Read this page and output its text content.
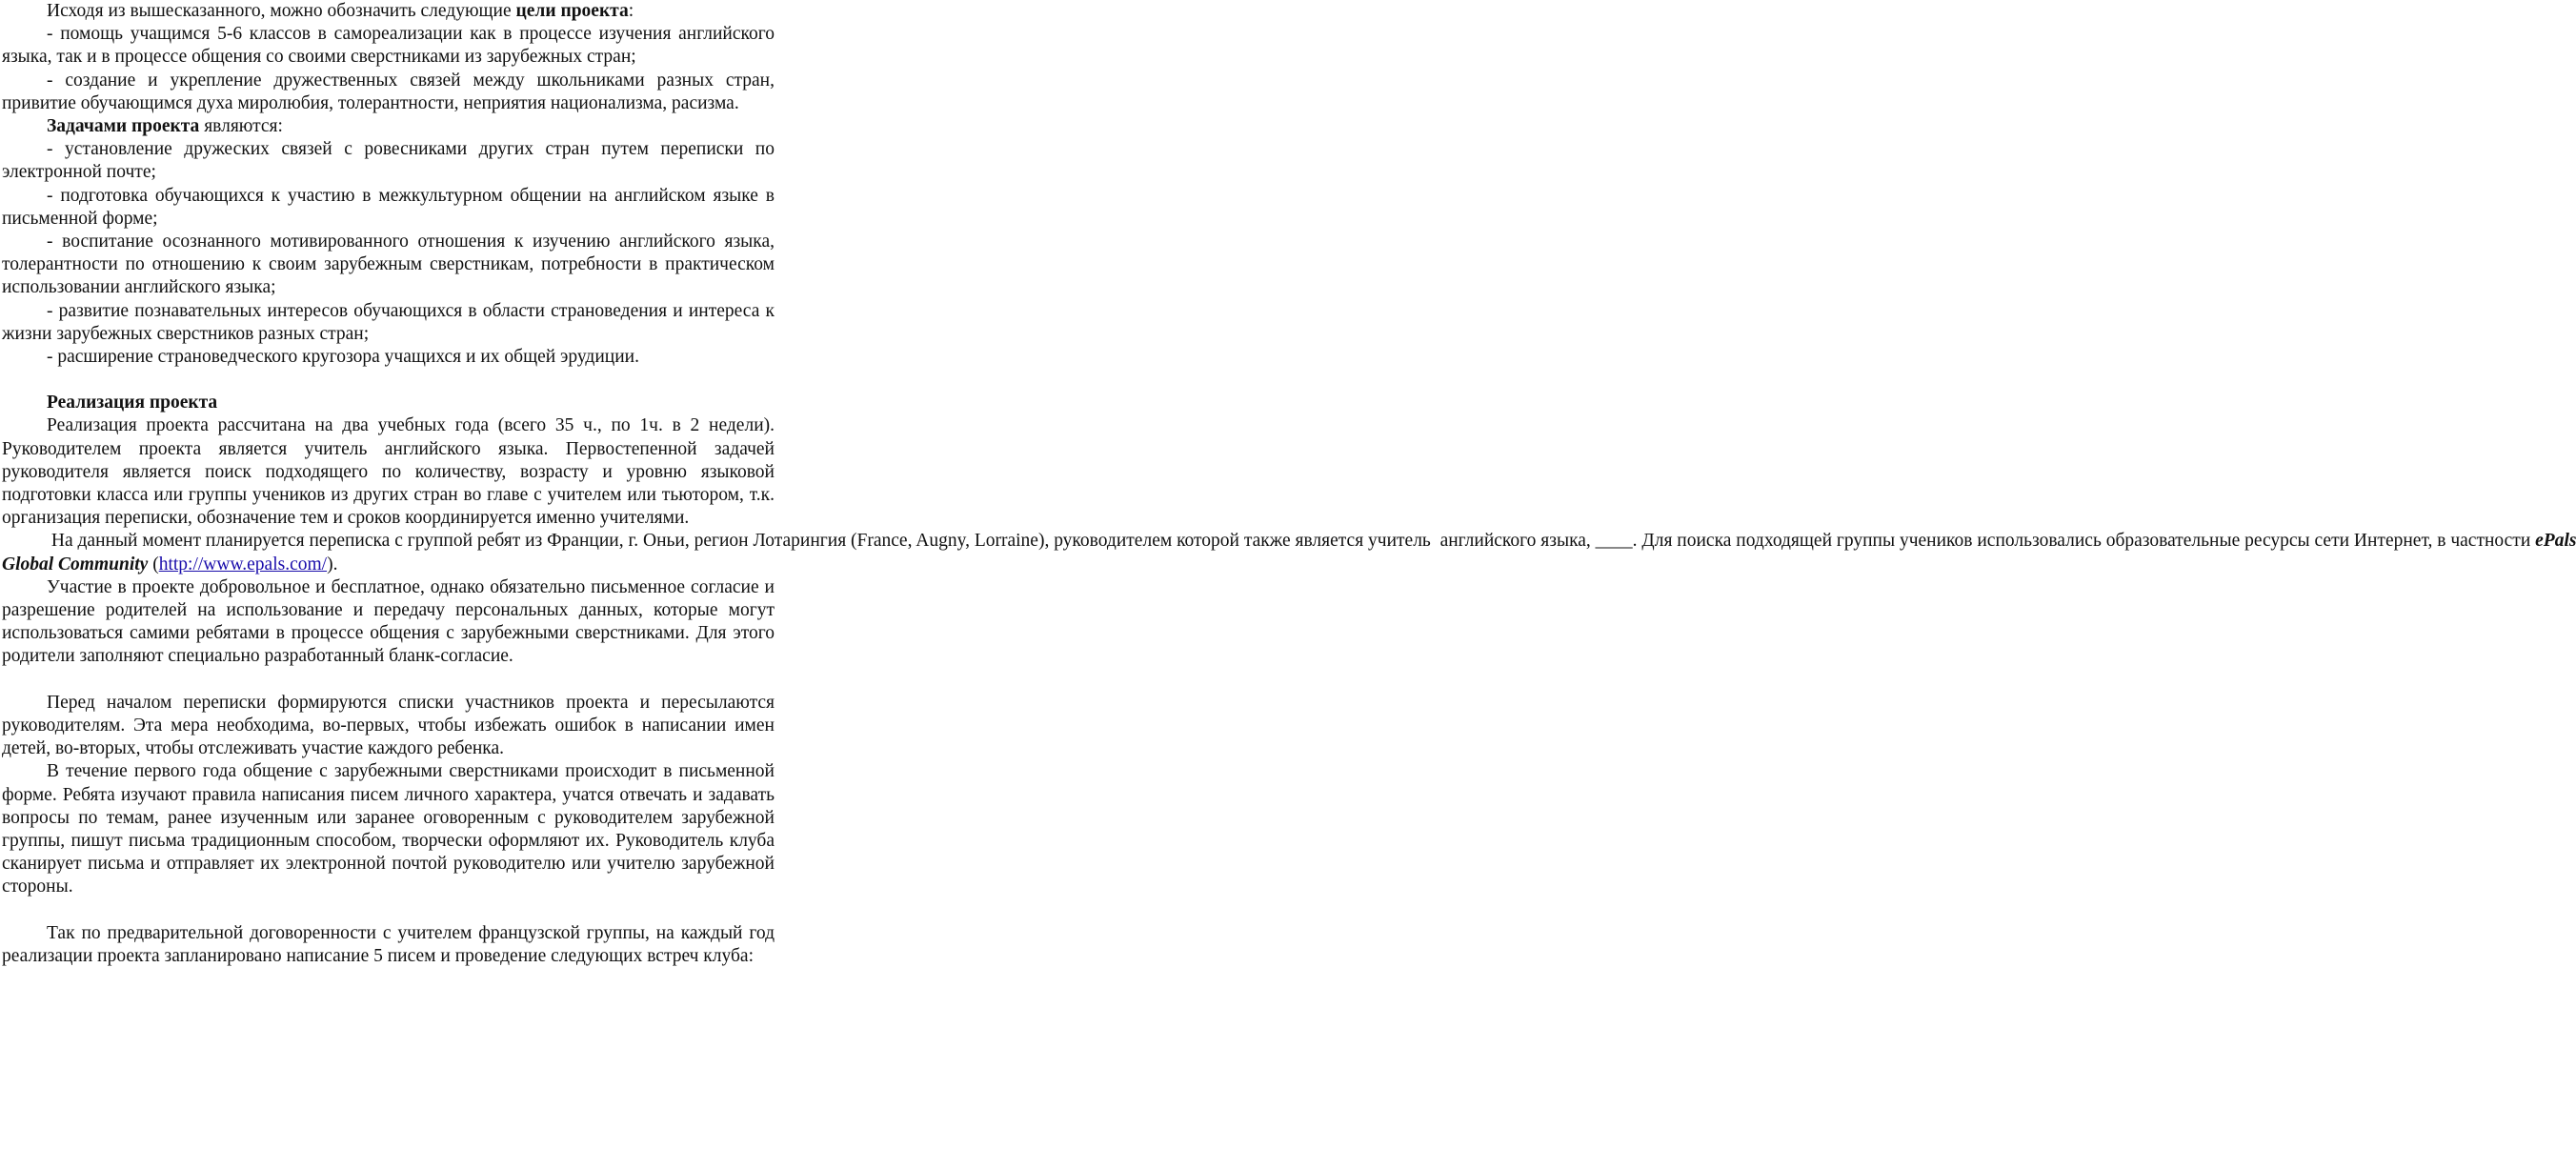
Исходя из вышесказанного, можно обозначить следующие цели проекта:

- помощь учащимся 5-6 классов в самореализации как в процессе изучения английского языка, так и в процессе общения со своими сверстниками из зарубежных стран;

- создание и укрепление дружественных связей между школьниками разных стран, привитие обучающимся духа миролюбия, толерантности, неприятия национализма, расизма.

Задачами проекта являются:

- установление дружеских связей с ровесниками других стран путем переписки по электронной почте;

- подготовка обучающихся к участию в межкультурном общении на английском языке в письменной форме;

- воспитание осознанного мотивированного отношения к изучению английского языка, толерантности по отношению к своим зарубежным сверстникам, потребности в практическом использовании английского языка;

- развитие познавательных интересов обучающихся в области страноведения и интереса к жизни зарубежных сверстников разных стран;

- расширение страноведческого кругозора учащихся и их общей эрудиции.

Реализация проекта

Реализация проекта рассчитана на два учебных года (всего 35 ч., по 1ч. в 2 недели). Руководителем проекта является учитель английского языка. Первостепенной задачей руководителя является поиск подходящего по количеству, возрасту и уровню языковой подготовки класса или группы учеников из других стран во главе с учителем или тьютором, т.к. организация переписки, обозначение тем и сроков координируется именно учителями.

На данный момент планируется переписка с группой ребят из Франции, г. Оньи, регион Лотарингия (France, Augny, Lorraine), руководителем которой также является учитель  английского языка, ____. Для поиска подходящей группы учеников использовались образовательные ресурсы сети Интернет, в частности ePals Global Community (http://www.epals.com/).

Участие в проекте добровольное и бесплатное, однако обязательно письменное согласие и разрешение родителей на использование и передачу персональных данных, которые могут использоваться самими ребятами в процессе общения с зарубежными сверстниками. Для этого родители заполняют специально разработанный бланк-согласие.

Перед началом переписки формируются списки участников проекта и пересылаются руководителям. Эта мера необходима, во-первых, чтобы избежать ошибок в написании имен детей, во-вторых, чтобы отслеживать участие каждого ребенка.

В течение первого года общение с зарубежными сверстниками происходит в письменной форме. Ребята изучают правила написания писем личного характера, учатся отвечать и задавать вопросы по темам, ранее изученным или заранее оговоренным с руководителем зарубежной группы, пишут письма традиционным способом, творчески оформляют их. Руководитель клуба сканирует письма и отправляет их электронной почтой руководителю или учителю зарубежной стороны.

Так по предварительной договоренности с учителем французской группы, на каждый год реализации проекта запланировано написание 5 писем и проведение следующих встреч клуба:
